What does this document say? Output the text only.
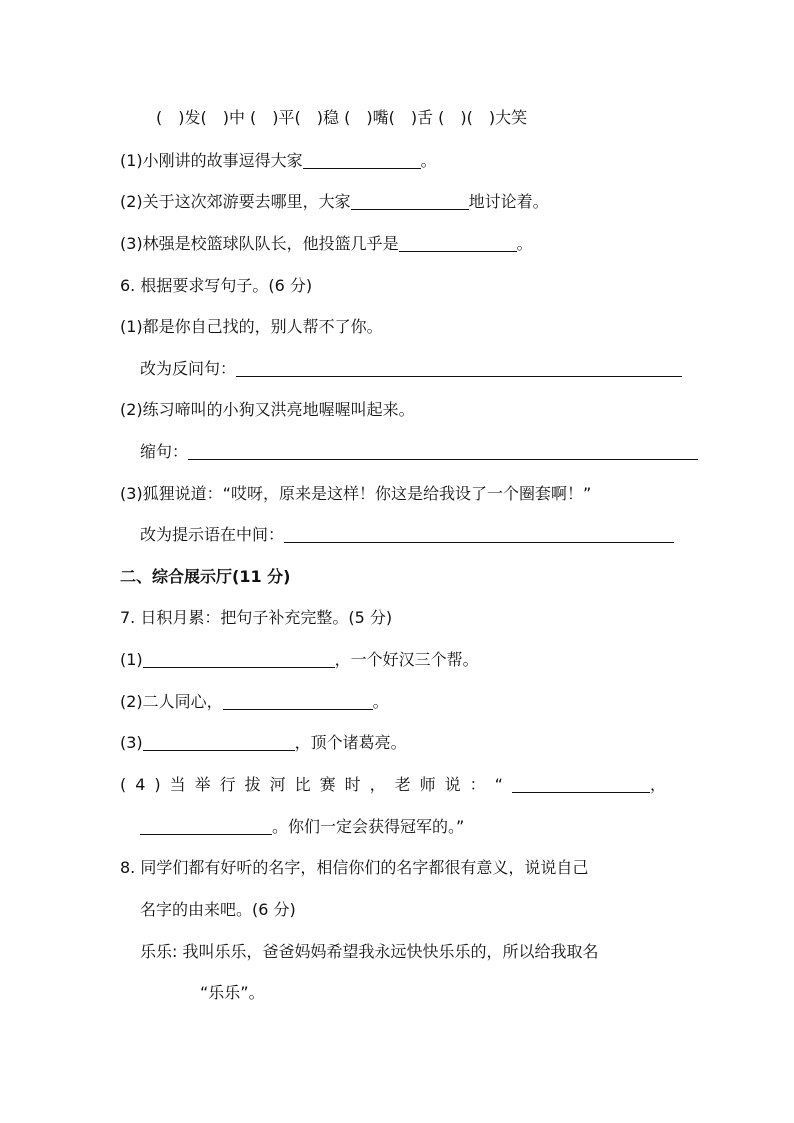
(　)发(　)中 (　)平(　)稳 (　)嘴(　)舌 (　)(　)大笑
(1)小刚讲的故事逗得大家	。
(2)关于这次郊游要去哪里，大家	地讨论着。
(3)林强是校篮球队队长，他投篮几乎是	。
6. 根据要求写句子。(6 分)
(1)都是你自己找的，别人帮不了你。
改为反问句：
(2)练习啼叫的小狗又洪亮地喔喔叫起来。
缩句：
(3)狐狸说道：“哎呀，原来是这样！你这是给我设了一个圈套啊！”
改为提示语在中间：
二、综合展示厅(11 分)
7. 日积月累：把句子补充完整。(5 分)
(1)	，一个好汉三个帮。
(2)二人同心，	。
(3)	，顶个诸葛亮。
(4)当举行拔河比赛时，老师说：“	，
。你们一定会获得冠军的。”
8. 同学们都有好听的名字，相信你们的名字都很有意义，说说自己
名字的由来吧。(6 分)
乐乐: 我叫乐乐，爸爸妈妈希望我永远快快乐乐的，所以给我取名
“乐乐”。
